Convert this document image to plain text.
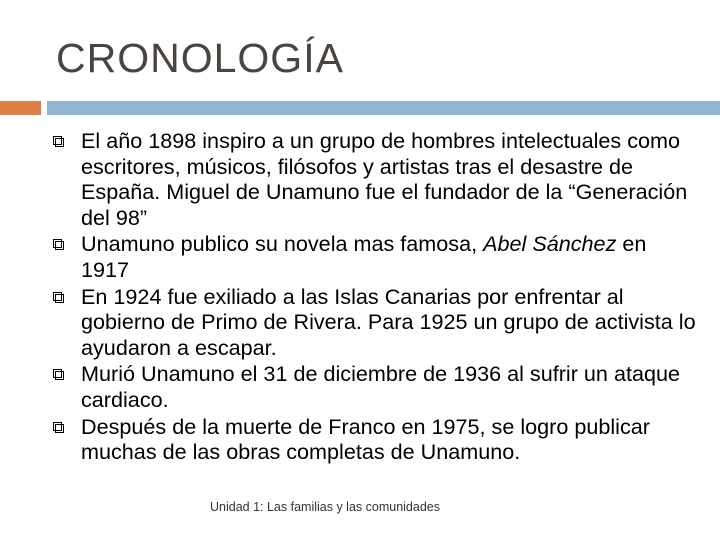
CRONOLOGÍA
El año 1898 inspiro a un grupo de hombres intelectuales como escritores, músicos, filósofos y artistas tras el desastre de España. Miguel de Unamuno fue el fundador de la “Generación del 98”
Unamuno publico su novela mas famosa, Abel Sánchez en 1917
En 1924 fue exiliado a las Islas Canarias por enfrentar al gobierno de Primo de Rivera. Para 1925 un grupo de activista lo ayudaron a escapar.
Murió Unamuno el 31 de diciembre de 1936 al sufrir un ataque cardiaco.
Después de la muerte de Franco en 1975, se logro publicar muchas de las obras completas de Unamuno.
Unidad 1: Las familias y las comunidades
